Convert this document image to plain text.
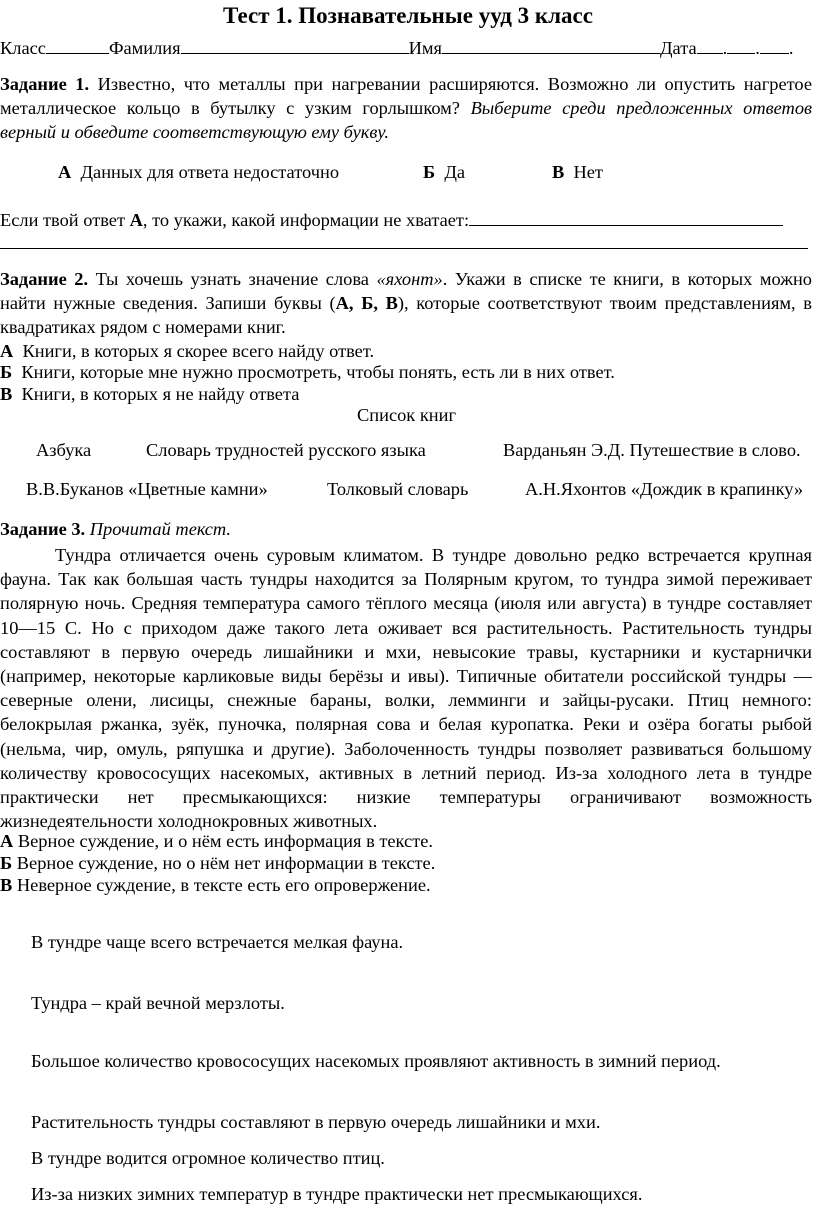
Тест 1. Познавательные ууд 3 класс
Класс	Фамилия	Имя	Дата . . .
Задание 1. Известно, что металлы при нагревании расширяются. Возможно ли опустить нагретое металлическое кольцо в бутылку с узким горлышком? Выберите среди предложенных ответов верный и обведите соответствующую ему букву.
А Данных для ответа недостаточно	Б Да	В Нет
Если твой ответ А, то укажи, какой информации не хватает:
Задание 2. Ты хочешь узнать значение слова «яхонт». Укажи в списке те книги, в которых можно найти нужные сведения. Запиши буквы (А, Б, В), которые соответствуют твоим представлениям, в квадратиках рядом с номерами книг.
А Книги, в которых я скорее всего найду ответ.
Б Книги, которые мне нужно просмотреть, чтобы понять, есть ли в них ответ.
В Книги, в которых я не найду ответа
Список книг
Азбука	Словарь трудностей русского языка	Варданьян Э.Д. Путешествие в слово.
В.В.Буканов «Цветные камни»	Толковый словарь	А.Н.Яхонтов «Дождик в крапинку»
Задание 3. Прочитай текст.
Тундра отличается очень суровым климатом. В тундре довольно редко встречается крупная фауна. Так как большая часть тундры находится за Полярным кругом, то тундра зимой переживает полярную ночь. Средняя температура самого тёплого месяца (июля или августа) в тундре составляет 10—15 С. Но с приходом даже такого лета оживает вся растительность. Растительность тундры составляют в первую очередь лишайники и мхи, невысокие травы, кустарники и кустарнички (например, некоторые карликовые виды берёзы и ивы). Типичные обитатели российской тундры — северные олени, лисицы, снежные бараны, волки, лемминги и зайцы-русаки. Птиц немного: белокрылая ржанка, зуёк, пуночка, полярная сова и белая куропатка. Реки и озёра богаты рыбой (нельма, чир, омуль, ряпушка и другие). Заболоченность тундры позволяет развиваться большому количеству кровососущих насекомых, активных в летний период. Из-за холодного лета в тундре практически нет пресмыкающихся: низкие температуры ограничивают возможность жизнедеятельности холоднокровных животных.
А Верное суждение, и о нём есть информация в тексте.
Б Верное суждение, но о нём нет информации в тексте.
В Неверное суждение, в тексте есть его опровержение.
В тундре чаще всего встречается мелкая фауна.
Тундра – край вечной мерзлоты.
Большое количество кровососущих насекомых проявляют активность в зимний период.
Растительность тундры составляют в первую очередь лишайники и мхи.
В тундре водится огромное количество птиц.
Из-за низких зимних температур в тундре практически нет пресмыкающихся.
